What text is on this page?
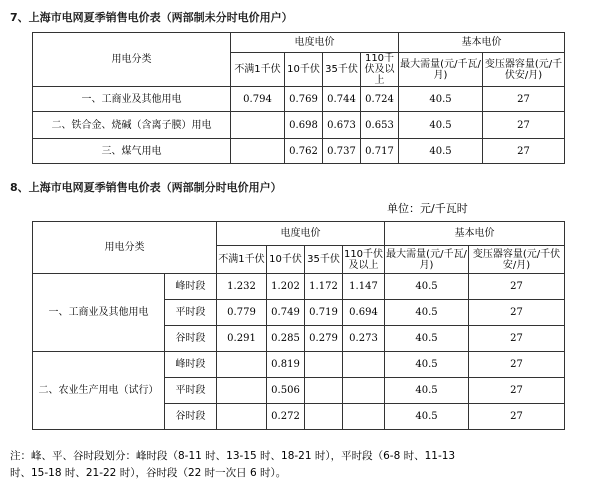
7、上海市电网夏季销售电价表（两部制未分时电价用户）
用电分类	电度电价				基本电价	
	不满1千伏	10千伏	35千伏	110千伏及以上	最大需量(元/千瓦/月)	变压器容量(元/千伏安/月)
一、工商业及其他用电	0.794	0.769	0.744	0.724	40.5	27
二、铁合金、烧碱（含离子膜）用电		0.698	0.673	0.653	40.5	27
三、煤气用电		0.762	0.737	0.717	40.5	27
8、上海市电网夏季销售电价表（两部制分时电价用户）
单位：元/千瓦时
用电分类		电度电价				基本电价	
		不满1千伏	10千伏	35千伏	110千伏及以上	最大需量(元/千瓦/月)	变压器容量(元/千伏安/月)
一、工商业及其他用电	峰时段	1.232	1.202	1.172	1.147	40.5	27
	平时段	0.779	0.749	0.719	0.694	40.5	27
	谷时段	0.291	0.285	0.279	0.273	40.5	27
二、农业生产用电（试行）	峰时段		0.819			40.5	27
	平时段		0.506			40.5	27
	谷时段		0.272			40.5	27
注：峰、平、谷时段划分：峰时段（8-11 时、13-15 时、18-21 时），平时段（6-8 时、11-13
时、15-18 时、21-22 时），谷时段（22 时一次日 6 时）。
